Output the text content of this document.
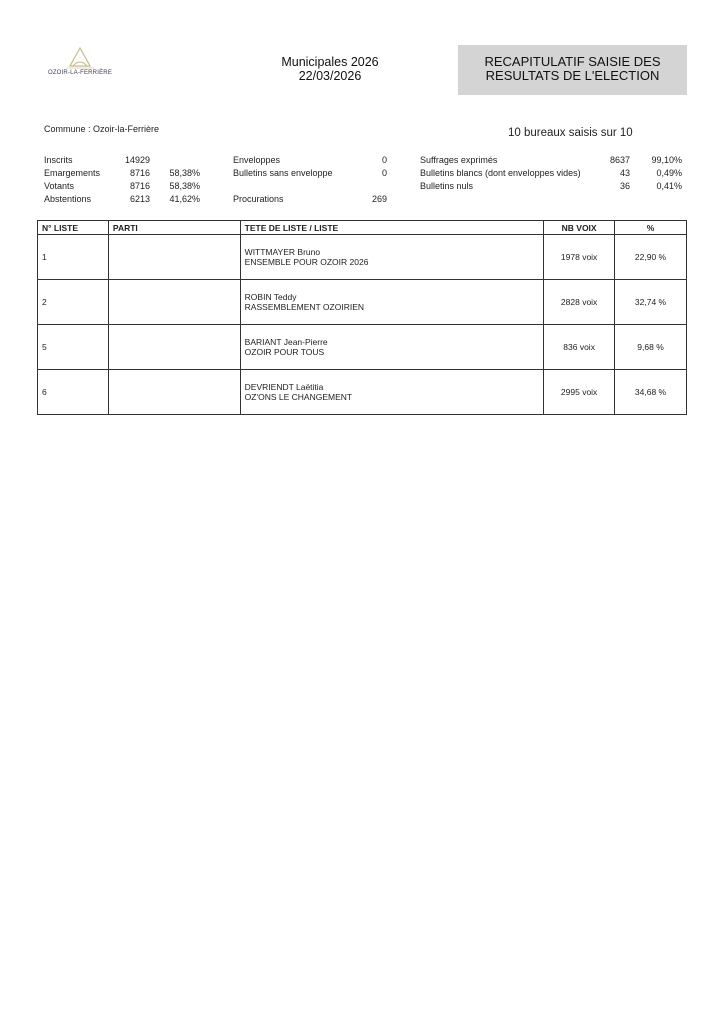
OZOIR-LA-FERRIÈRE
Municipales 2026
22/03/2026
RECAPITULATIF SAISIE DES
RESULTATS DE L'ELECTION
Commune : Ozoir-la-Ferrière	10 bureaux saisis sur 10
Inscrits	14929
Emargements	8716	58,38%
Votants	8716	58,38%
Abstentions	6213	41,62%
Enveloppes	0
Bulletins sans enveloppe	0
Procurations	269
Suffrages exprimés	8637	99,10%
Bulletins blancs (dont enveloppes vides)	43	0,49%
Bulletins nuls	36	0,41%
N° LISTE	PARTI	TETE DE LISTE / LISTE	NB VOIX	%
1		WITTMAYER Bruno
ENSEMBLE POUR OZOIR 2026	1978 voix	22,90 %
2		ROBIN Teddy
RASSEMBLEMENT OZOIRIEN	2828 voix	32,74 %
5		BARIANT Jean-Pierre
OZOIR POUR TOUS	836 voix	9,68 %
6		DEVRIENDT Laëtitia
OZ'ONS LE CHANGEMENT	2995 voix	34,68 %
